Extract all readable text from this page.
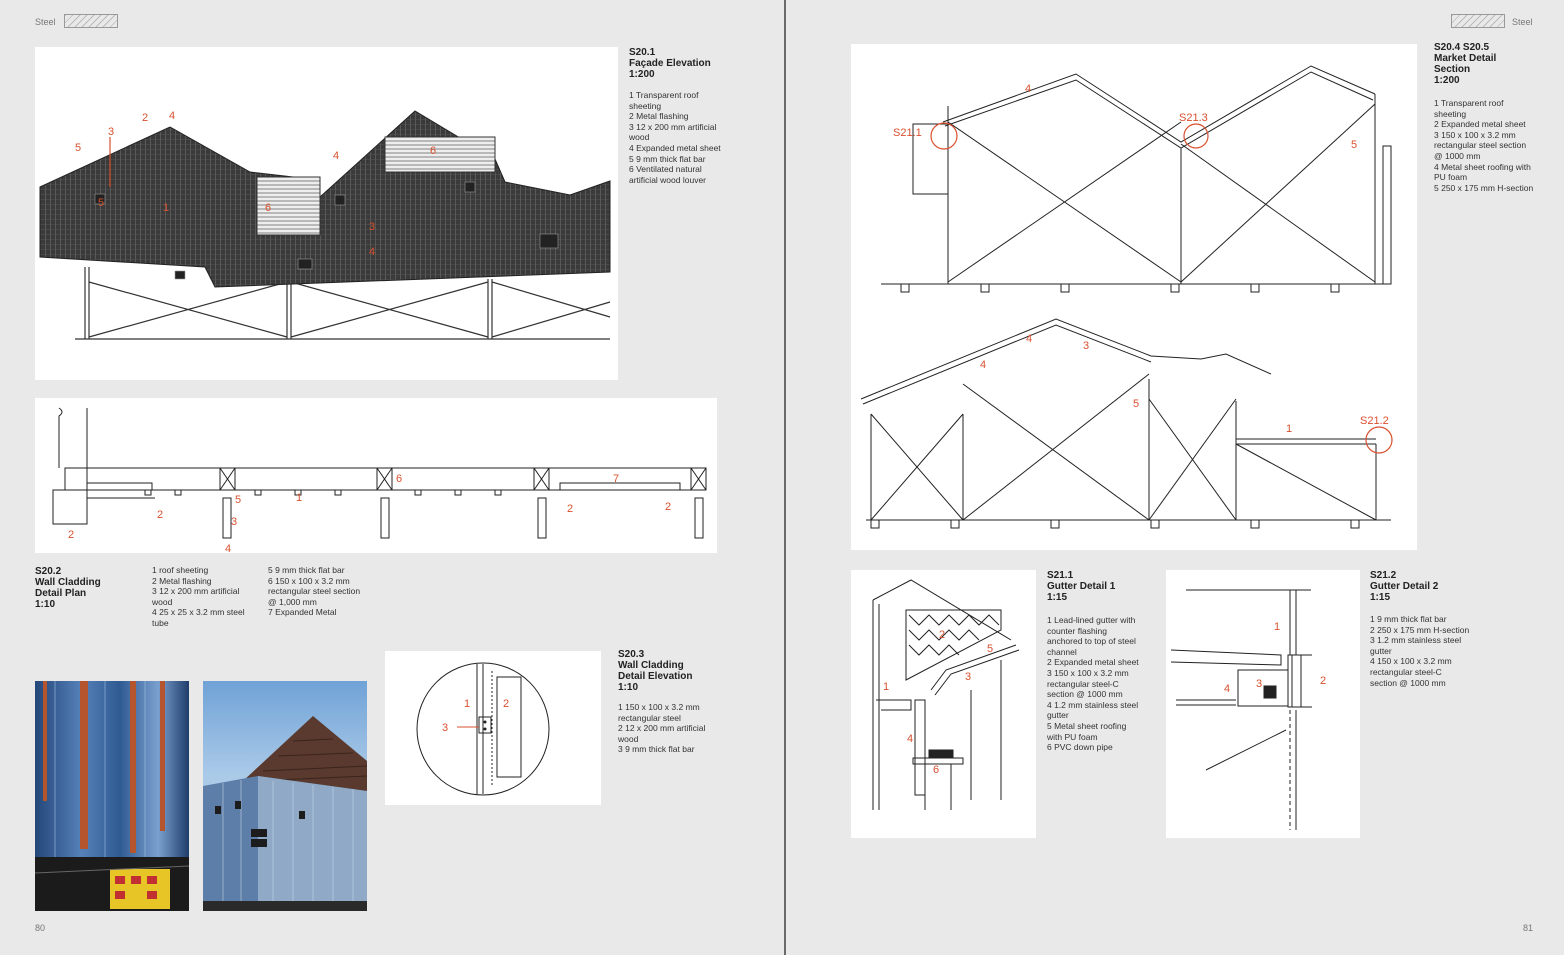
Steel
80
5
3
2 4
4	6
6
1
5
3
4
S20.1
Façade Elevation
1:200
1 Transparent roof sheeting
2 Metal flashing
3 12 x 200 mm artificial wood
4 Expanded metal sheet
5 9 mm thick flat bar
6 Ventilated natural artificial wood louver
2
2
5
3
4
1
6	7
2	2
S20.2
Wall Cladding Detail Plan
1:10
1 roof sheeting
2 Metal flashing
3 12 x 200 mm artificial wood
4 25 x 25 x 3.2 mm steel tube
5 9 mm thick flat bar
6 150 x 100 x 3.2 mm rectangular steel section @ 1,000 mm
7 Expanded Metal
1	2
3
S20.3
Wall Cladding Detail Elevation
1:10
1 150 x 100 x 3.2 mm rectangular steel
2 12 x 200 mm artificial wood
3 9 mm thick flat bar
Steel
81
S21.1
S21.3
S21.2
4
5
4
3
4
5
1
S20.4 S20.5
Market Detail Section
1:200
1 Transparent roof sheeting
2 Expanded metal sheet
3 150 x 100 x 3.2 mm rectangular steel section @ 1000 mm
4 Metal sheet roofing with PU foam
5 250 x 175 mm H-section
1
2
3
4
5
6
S21.1
Gutter Detail 1
1:15
1 Lead-lined gutter with counter flashing anchored to top of steel channel
2 Expanded metal sheet
3 150 x 100 x 3.2 mm rectangular steel-C section @ 1000 mm
4 1.2 mm stainless steel gutter
5 Metal sheet roofing with PU foam
6 PVC down pipe
1
2
3
4
S21.2
Gutter Detail 2
1:15
1 9 mm thick flat bar
2 250 x 175 mm H-section
3 1.2 mm stainless steel gutter
4 150 x 100 x 3.2 mm rectangular steel-C section @ 1000 mm
